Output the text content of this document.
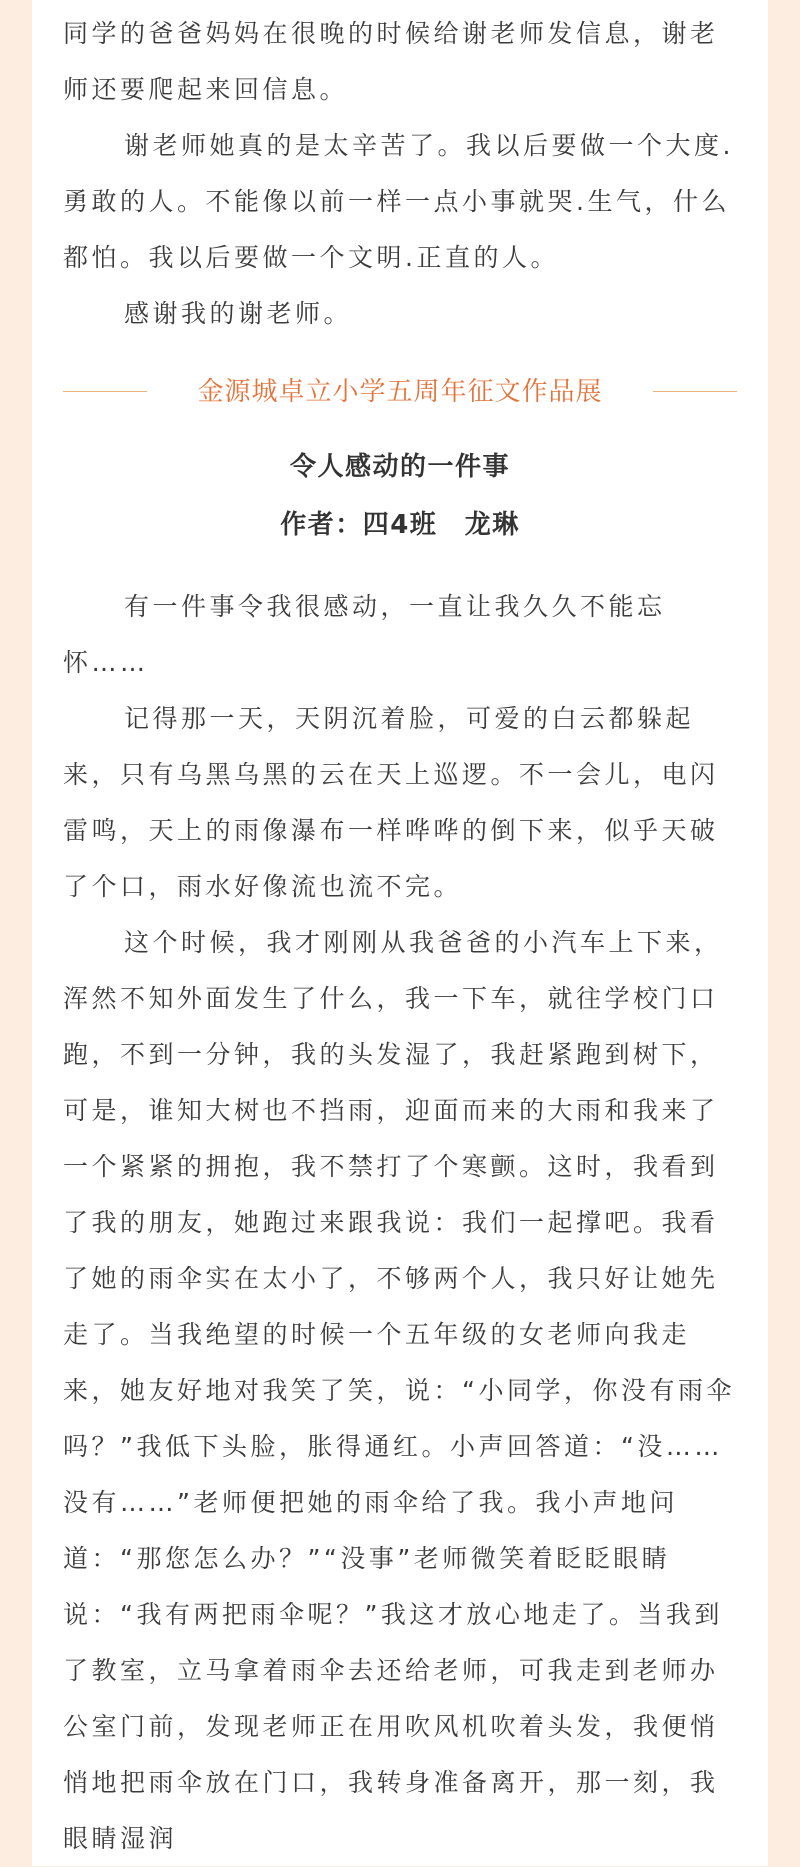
同学的爸爸妈妈在很晚的时候给谢老师发信息，谢老师还要爬起来回信息。

谢老师她真的是太辛苦了。我以后要做一个大度.勇敢的人。不能像以前一样一点小事就哭.生气，什么都怕。我以后要做一个文明.正直的人。

感谢我的谢老师。

金源城卓立小学五周年征文作品展
令人感动的一件事
作者：四4班　龙琳

有一件事令我很感动，一直让我久久不能忘怀……

记得那一天，天阴沉着脸，可爱的白云都躲起来，只有乌黑乌黑的云在天上巡逻。不一会儿，电闪雷鸣，天上的雨像瀑布一样哗哗的倒下来，似乎天破了个口，雨水好像流也流不完。

这个时候，我才刚刚从我爸爸的小汽车上下来，浑然不知外面发生了什么，我一下车，就往学校门口跑，不到一分钟，我的头发湿了，我赶紧跑到树下，可是，谁知大树也不挡雨，迎面而来的大雨和我来了一个紧紧的拥抱，我不禁打了个寒颤。这时，我看到了我的朋友，她跑过来跟我说：我们一起撑吧。我看了她的雨伞实在太小了，不够两个人，我只好让她先走了。当我绝望的时候一个五年级的女老师向我走来，她友好地对我笑了笑，说：“小同学，你没有雨伞吗？”我低下头脸，胀得通红。小声回答道：“没……没有……”老师便把她的雨伞给了我。我小声地问道：“那您怎么办？”“没事”老师微笑着眨眨眼睛说：“我有两把雨伞呢？”我这才放心地走了。当我到了教室，立马拿着雨伞去还给老师，可我走到老师办公室门前，发现老师正在用吹风机吹着头发，我便悄悄地把雨伞放在门口，我转身准备离开，那一刻，我眼睛湿润
